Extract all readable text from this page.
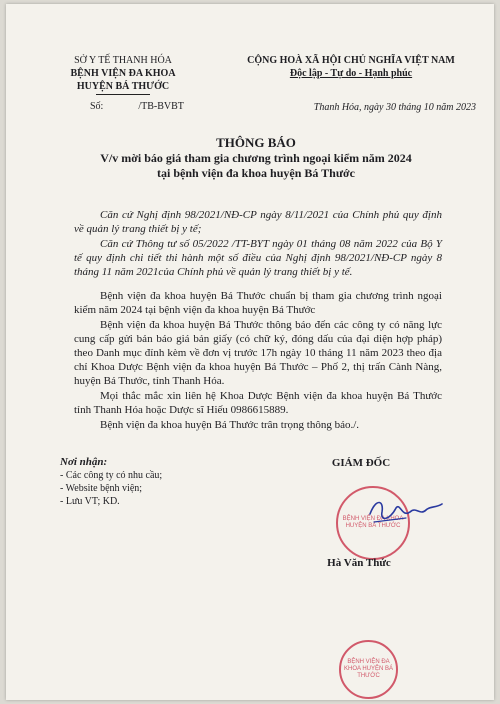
SỞ Y TẾ THANH HÓA
BỆNH VIỆN ĐA KHOA
HUYỆN BÁ THƯỚC
Số:	/TB-BVBT
CỘNG HOÀ XÃ HỘI CHỦ NGHĨA VIỆT NAM
Độc lập - Tự do - Hạnh phúc
Thanh Hóa, ngày 30 tháng 10 năm 2023
THÔNG BÁO
V/v mời báo giá tham gia chương trình ngoại kiểm năm 2024
tại bệnh viện đa khoa huyện Bá Thước

Căn cứ Nghị định 98/2021/NĐ-CP ngày 8/11/2021 của Chính phủ quy định về quản lý trang thiết bị y tế;

Căn cứ Thông tư số 05/2022 /TT-BYT ngày 01 tháng 08 năm 2022 của Bộ Y tế quy định chi tiết thi hành một số điều của Nghị định 98/2021/NĐ-CP ngày 8 tháng 11 năm 2021của Chính phủ về quản lý trang thiết bị y tế.

Bệnh viện đa khoa huyện Bá Thước chuẩn bị tham gia chương trình ngoại kiểm năm 2024 tại bệnh viện đa khoa huyện Bá Thước

Bệnh viện đa khoa huyện Bá Thước thông báo đến các công ty có năng lực cung cấp gửi bản báo giá bản giấy (có chữ ký, đóng dấu của đại diện hợp pháp) theo Danh mục đính kèm về đơn vị trước 17h ngày 10 tháng 11 năm 2023 theo địa chỉ Khoa Dược Bệnh viện đa khoa huyện Bá Thước – Phố 2, thị trấn Cành Nàng, huyện Bá Thước, tỉnh Thanh Hóa.

Mọi thắc mắc xin liên hệ Khoa Dược Bệnh viện đa khoa huyện Bá Thước tỉnh Thanh Hóa hoặc Dược sĩ Hiếu 0986615889.

Bệnh viện đa khoa huyện Bá Thước trân trọng thông báo./.

Nơi nhận:
- Các công ty có nhu cầu;
- Website bệnh viện;
- Lưu VT; KD.
GIÁM ĐỐC
BỆNH VIỆN ĐA KHOA HUYỆN BÁ THƯỚC
Hà Văn Thức
BỆNH VIỆN ĐA KHOA HUYỆN BÁ THƯỚC
